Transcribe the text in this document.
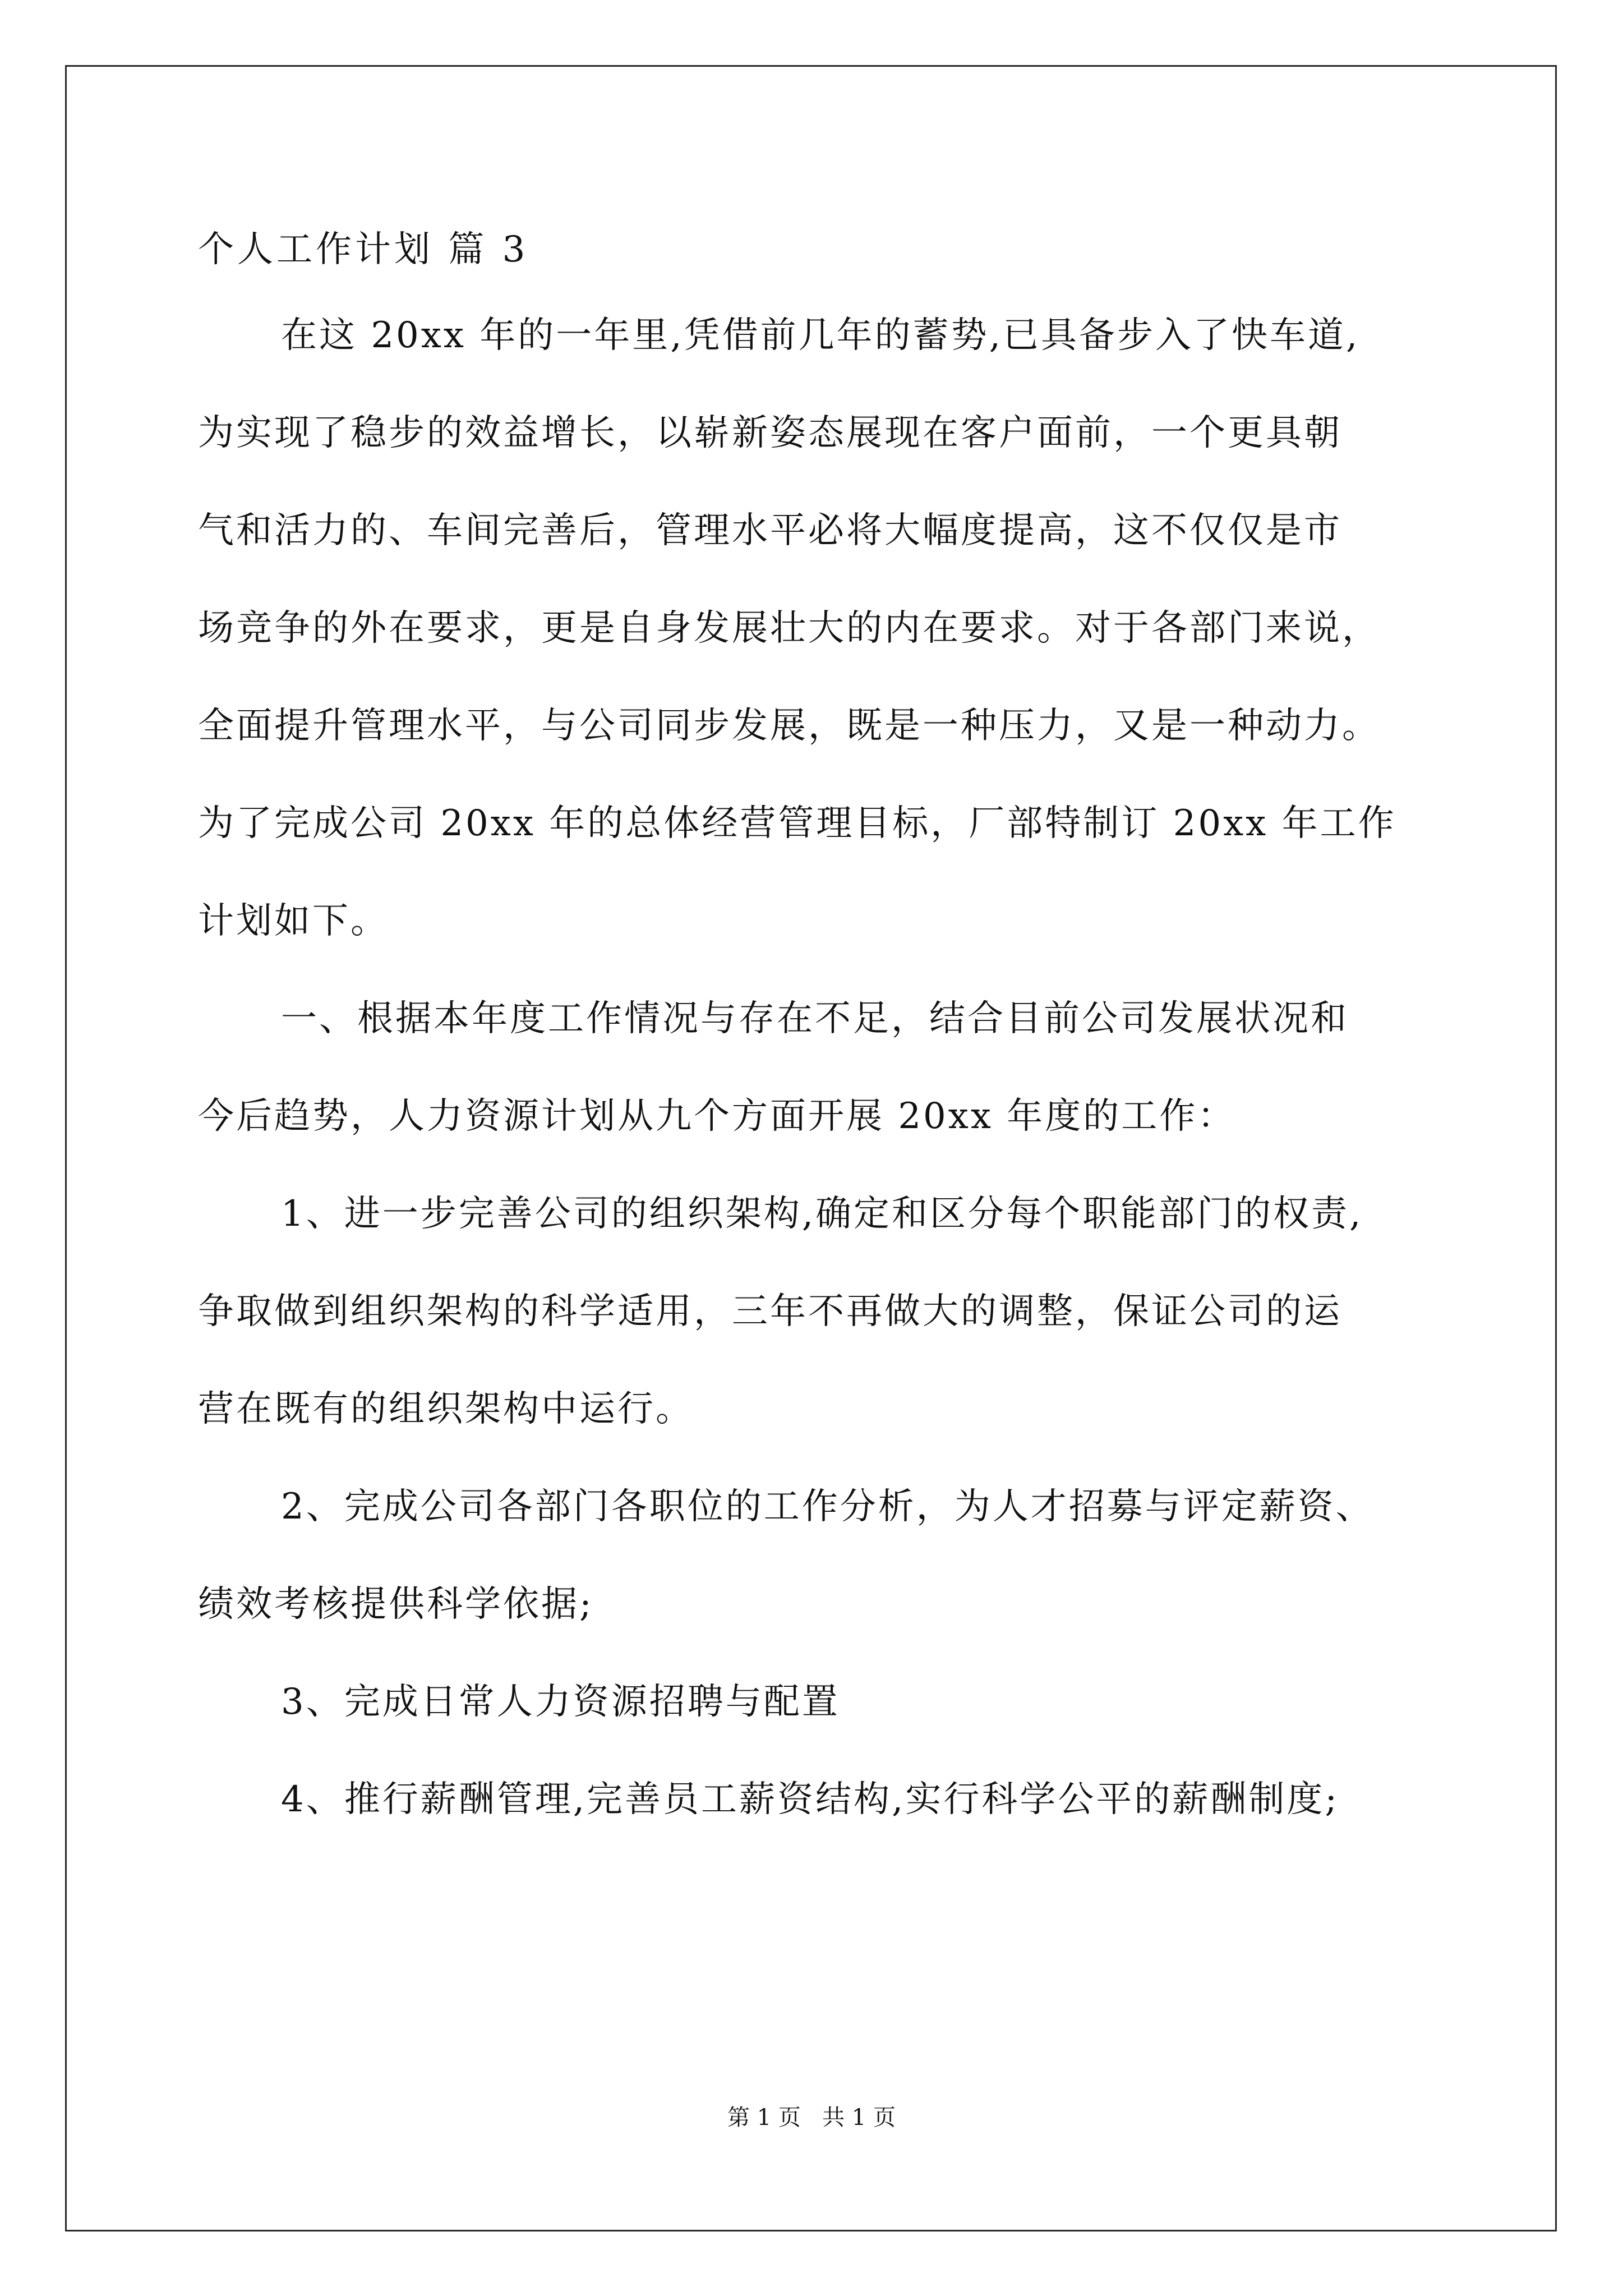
个人工作计划 篇 3
在这 20xx 年的一年里,凭借前几年的蓄势,已具备步入了快车道,
为实现了稳步的效益增长，以崭新姿态展现在客户面前，一个更具朝
气和活力的、车间完善后，管理水平必将大幅度提高，这不仅仅是市
场竞争的外在要求，更是自身发展壮大的内在要求。对于各部门来说，
全面提升管理水平，与公司同步发展，既是一种压力，又是一种动力。
为了完成公司 20xx 年的总体经营管理目标，厂部特制订 20xx 年工作
计划如下。
一、根据本年度工作情况与存在不足，结合目前公司发展状况和
今后趋势，人力资源计划从九个方面开展 20xx 年度的工作：
1、进一步完善公司的组织架构,确定和区分每个职能部门的权责,
争取做到组织架构的科学适用，三年不再做大的调整，保证公司的运
营在既有的组织架构中运行。
2、完成公司各部门各职位的工作分析，为人才招募与评定薪资、
绩效考核提供科学依据;
3、完成日常人力资源招聘与配置
4、推行薪酬管理,完善员工薪资结构,实行科学公平的薪酬制度;
第 1 页 共 1 页
